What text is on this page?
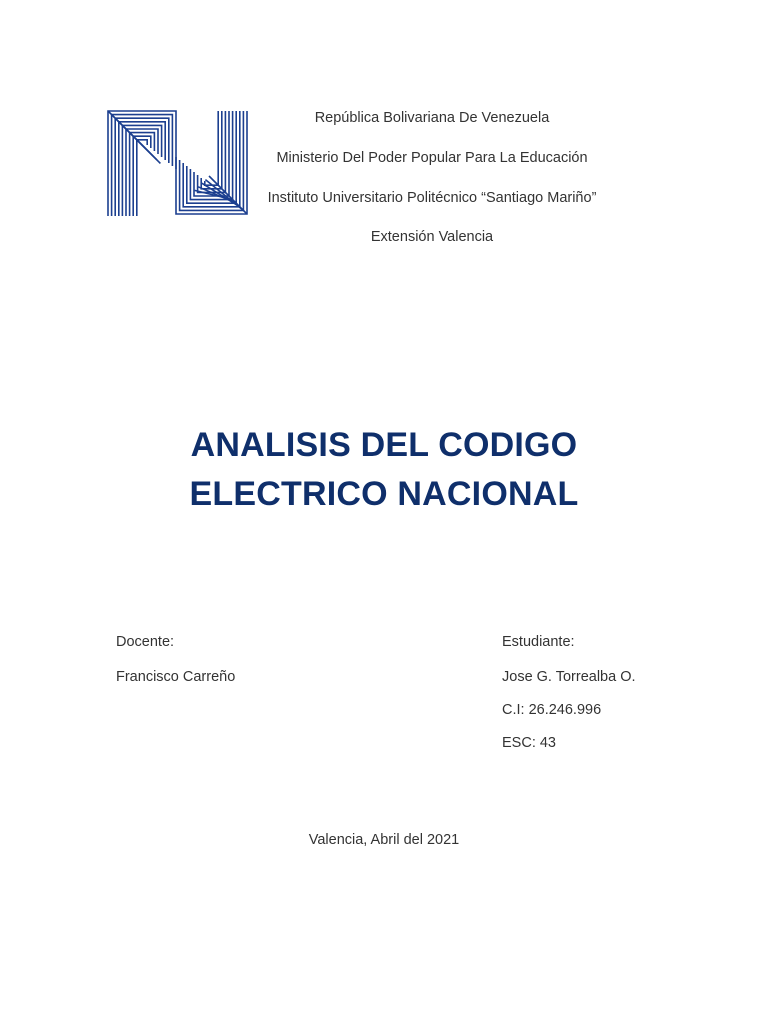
República Bolivariana De Venezuela
Ministerio Del Poder Popular Para La Educación
Instituto Universitario Politécnico “Santiago Mariño”
Extensión Valencia
ANALISIS DEL CODIGO
ELECTRICO NACIONAL
Docente:
Francisco Carreño
Estudiante:
Jose G. Torrealba O.
C.I: 26.246.996
ESC: 43
Valencia, Abril del 2021
